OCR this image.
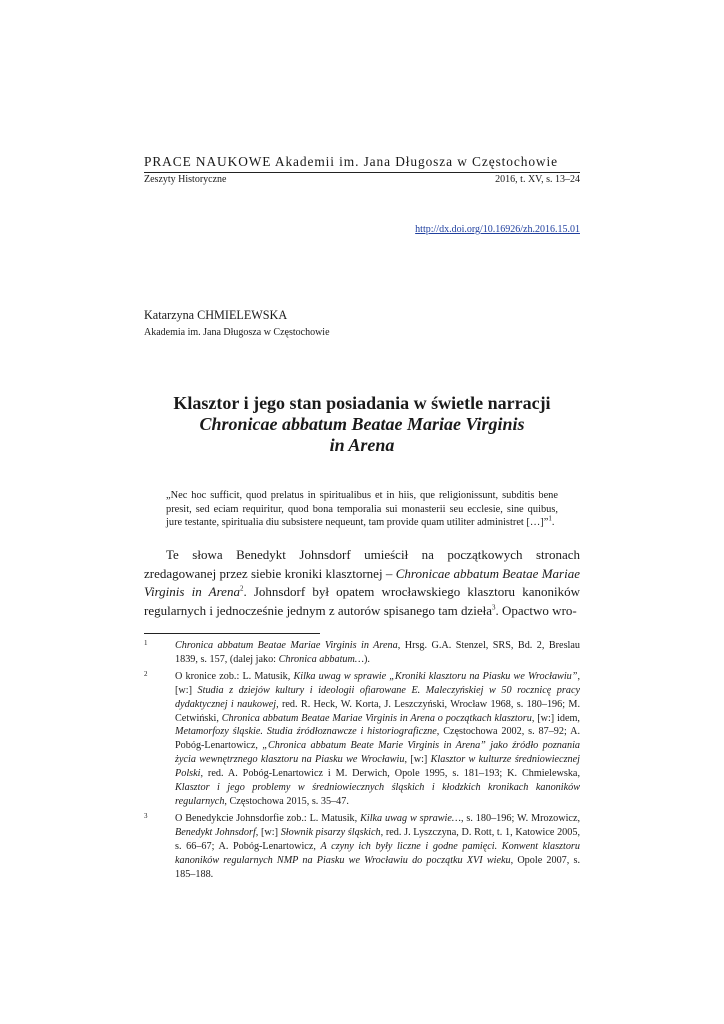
PRACE NAUKOWE Akademii im. Jana Długosza w Częstochowie
Zeszyty Historyczne	2016, t. XV, s. 13–24
http://dx.doi.org/10.16926/zh.2016.15.01
Katarzyna CHMIELEWSKA
Akademia im. Jana Długosza w Częstochowie
Klasztor i jego stan posiadania w świetle narracji
Chronicae abbatum Beatae Mariae Virginis
in Arena
„Nec hoc sufficit, quod prelatus in spiritualibus et in hiis, que religionissunt, subditis bene presit, sed eciam requiritur, quod bona temporalia sui monasterii seu ecclesie, sine quibus, jure testante, spiritualia diu subsistere nequeunt, tam provide quam utiliter administret […]”$^1$.
Te słowa Benedykt Johnsdorf umieścił na początkowych stronach zredagowanej przez siebie kroniki klasztornej – Chronicae abbatum Beatae Mariae Virginis in Arena$^2$. Johnsdorf był opatem wrocławskiego klasztoru kanoników regularnych i jednocześnie jednym z autorów spisanego tam dzieła$^3$. Opactwo wro-
1	Chronica abbatum Beatae Mariae Virginis in Arena, Hrsg. G.A. Stenzel, SRS, Bd. 2, Breslau 1839, s. 157, (dalej jako: Chronica abbatum…).
2	O kronice zob.: L. Matusik, Kilka uwag w sprawie „Kroniki klasztoru na Piasku we Wrocławiu”, [w:] Studia z dziejów kultury i ideologii ofiarowane E. Maleczyńskiej w 50 rocznicę pracy dydaktycznej i naukowej, red. R. Heck, W. Korta, J. Leszczyński, Wrocław 1968, s. 180–196; M. Cetwiński, Chronica abbatum Beatae Mariae Virginis in Arena o początkach klasztoru, [w:] idem, Metamorfozy śląskie. Studia źródłoznawcze i historiograficzne, Częstochowa 2002, s. 87–92; A. Pobóg-Lenartowicz, „Chronica abbatum Beate Marie Virginis in Arena” jako źródło poznania życia wewnętrznego klasztoru na Piasku we Wrocławiu, [w:] Klasztor w kulturze średniowiecznej Polski, red. A. Pobóg-Lenartowicz i M. Derwich, Opole 1995, s. 181–193; K. Chmielewska, Klasztor i jego problemy w średniowiecznych śląskich i kłodzkich kronikach kanoników regularnych, Częstochowa 2015, s. 35–47.
3	O Benedykcie Johnsdorfie zob.: L. Matusik, Kilka uwag w sprawie…, s. 180–196; W. Mrozowicz, Benedykt Johnsdorf, [w:] Słownik pisarzy śląskich, red. J. Lyszczyna, D. Rott, t. 1, Katowice 2005, s. 66–67; A. Pobóg-Lenartowicz, A czyny ich były liczne i godne pamięci. Konwent klasztoru kanoników regularnych NMP na Piasku we Wrocławiu do początku XVI wieku, Opole 2007, s. 185–188.
